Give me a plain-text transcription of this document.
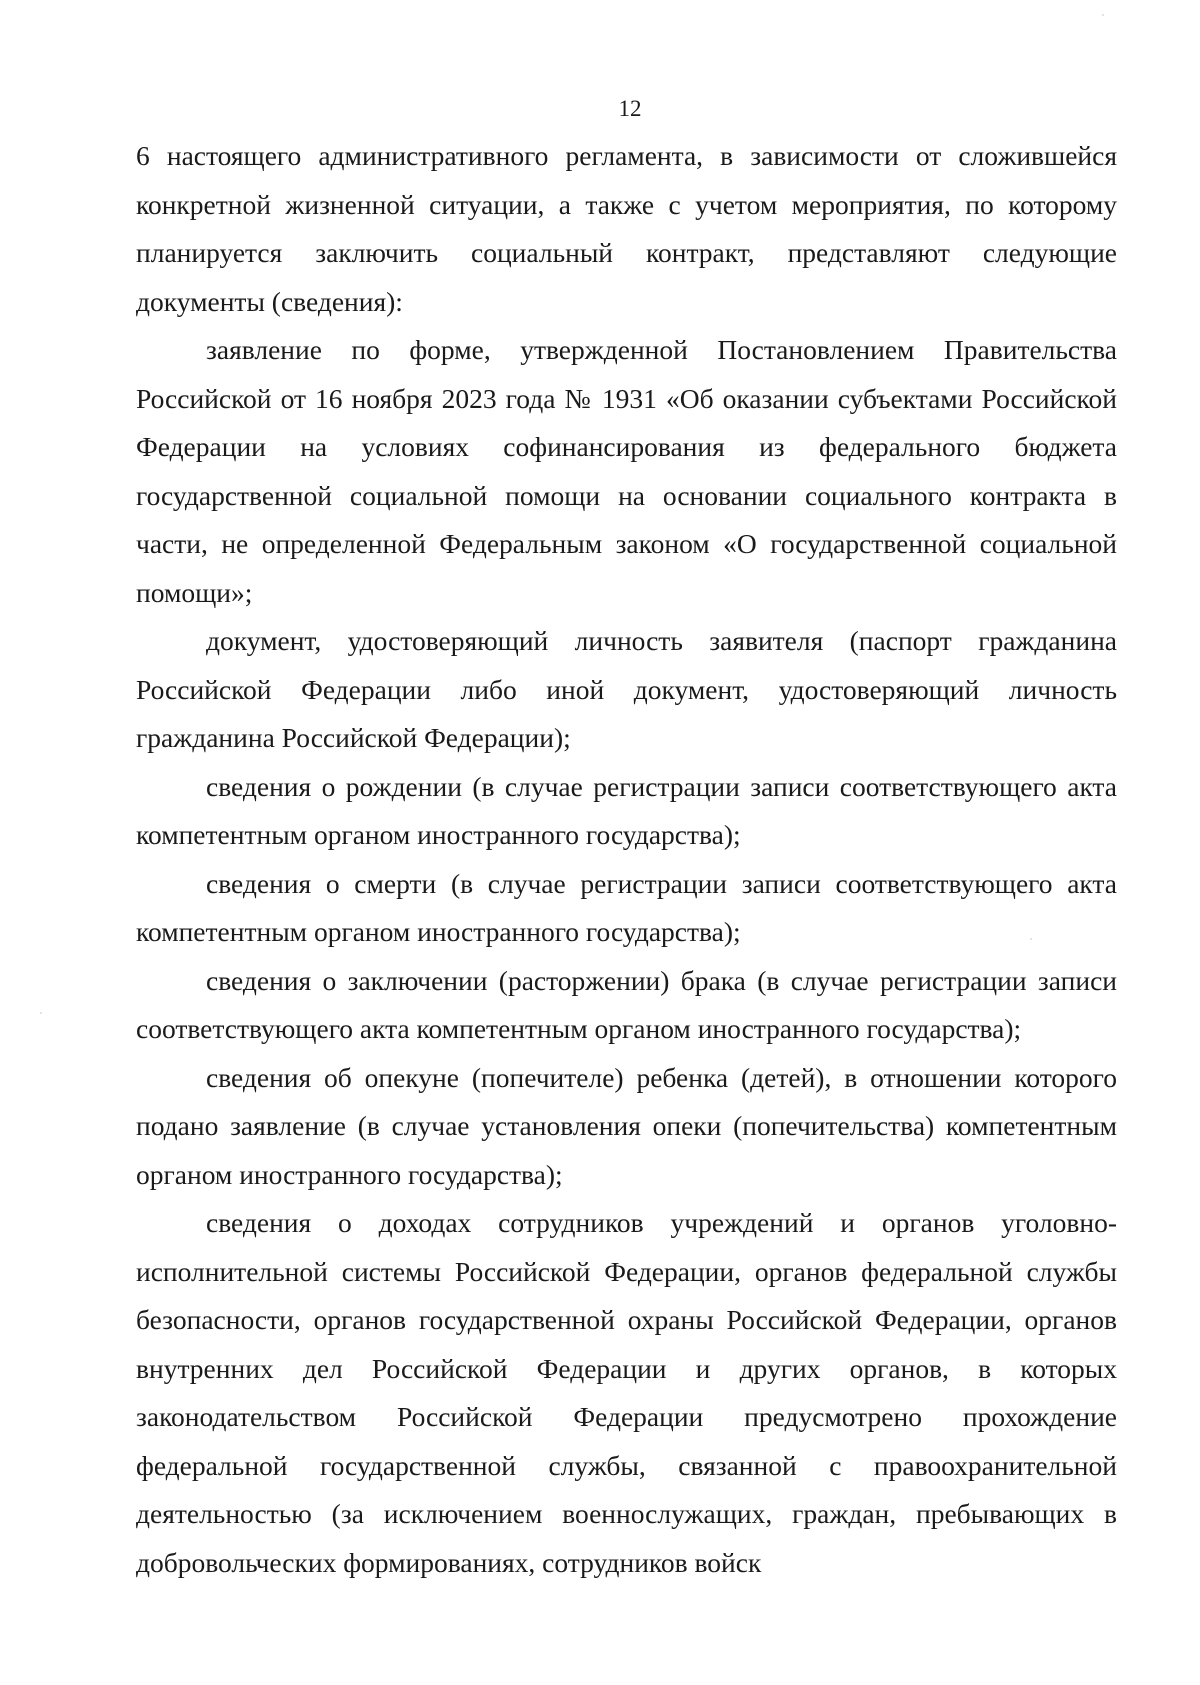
12

6 настоящего административного регламента, в зависимости от сложившейся конкретной жизненной ситуации, а также с учетом мероприятия, по которому планируется заключить социальный контракт, представляют следующие документы (сведения):

заявление по форме, утвержденной Постановлением Правительства Российской от 16 ноября 2023 года № 1931 «Об оказании субъектами Российской Федерации на условиях софинансирования из федерального бюджета государственной социальной помощи на основании социального контракта в части, не определенной Федеральным законом «О государственной социальной помощи»;

документ, удостоверяющий личность заявителя (паспорт гражданина Российской Федерации либо иной документ, удостоверяющий личность гражданина Российской Федерации);

сведения о рождении (в случае регистрации записи соответствующего акта компетентным органом иностранного государства);

сведения о смерти (в случае регистрации записи соответствующего акта компетентным органом иностранного государства);

сведения о заключении (расторжении) брака (в случае регистрации записи соответствующего акта компетентным органом иностранного государства);

сведения об опекуне (попечителе) ребенка (детей), в отношении которого подано заявление (в случае установления опеки (попечительства) компетентным органом иностранного государства);

сведения о доходах сотрудников учреждений и органов уголовно-исполнительной системы Российской Федерации, органов федеральной службы безопасности, органов государственной охраны Российской Федерации, органов внутренних дел Российской Федерации и других органов, в которых законодательством Российской Федерации предусмотрено прохождение федеральной государственной службы, связанной с правоохранительной деятельностью (за исключением военнослужащих, граждан, пребывающих в добровольческих формированиях, сотрудников войск
